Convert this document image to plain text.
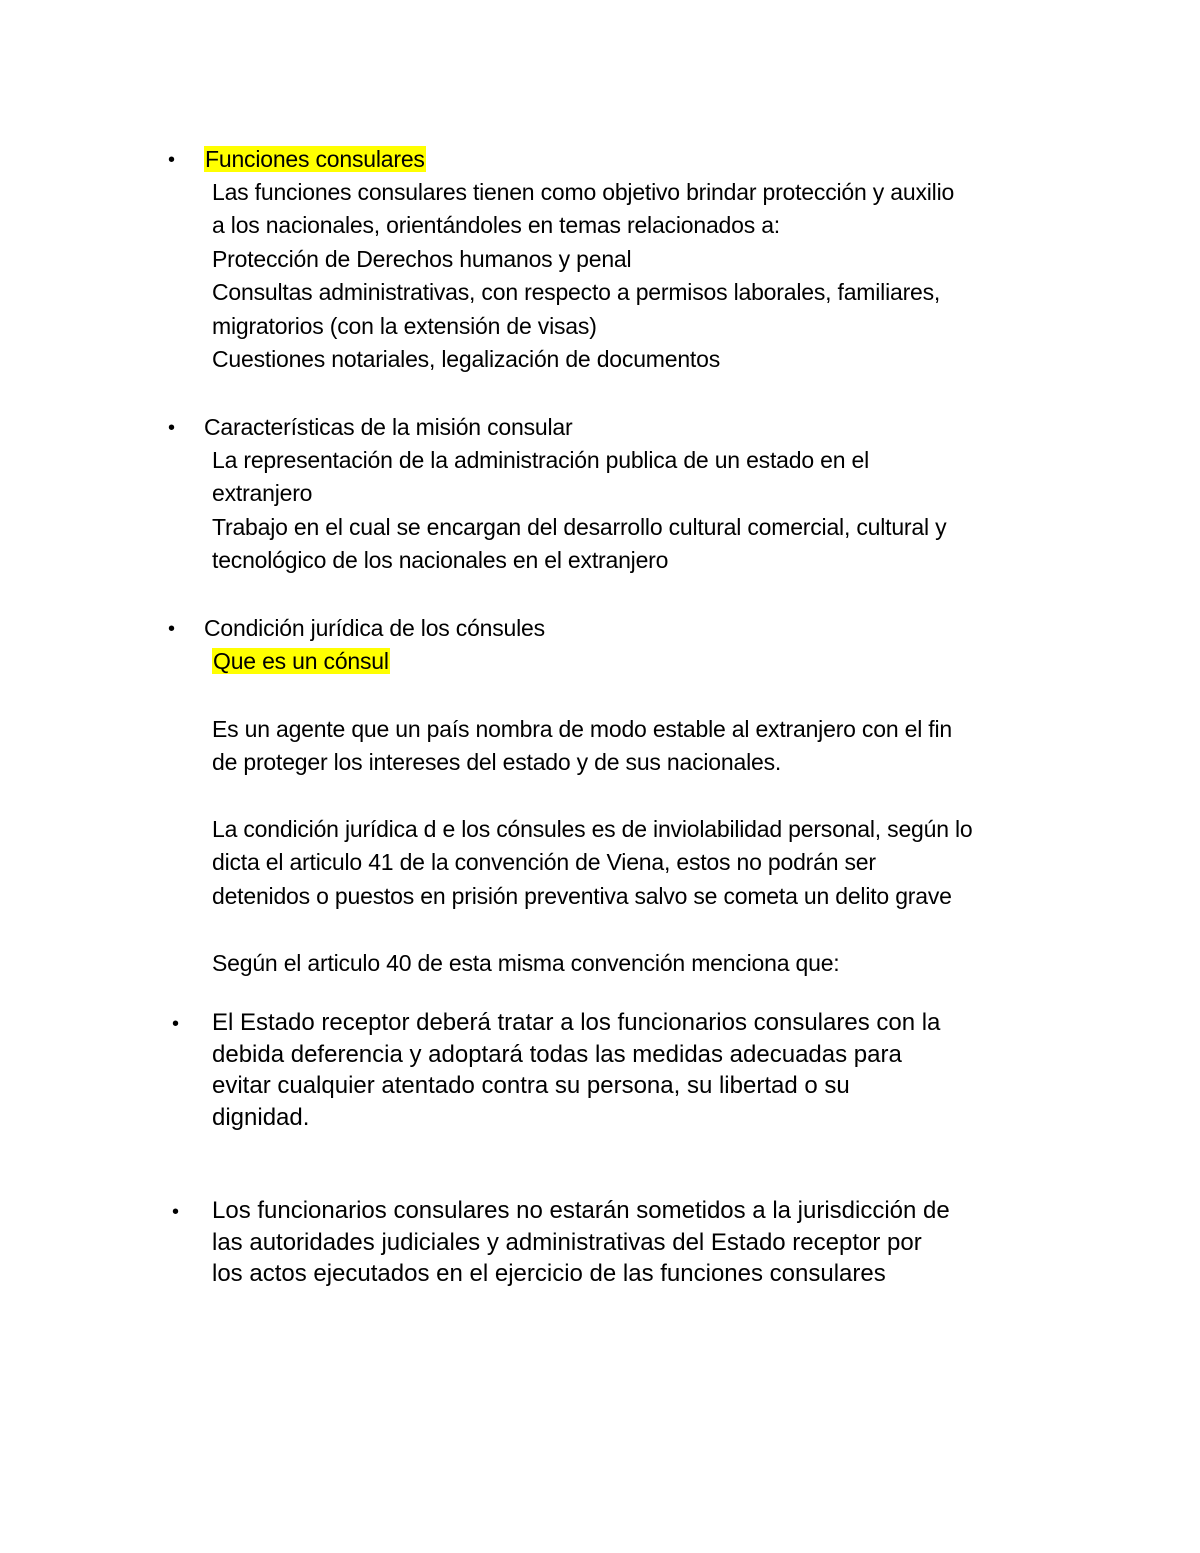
• Funciones consulares
Las funciones consulares tienen como objetivo brindar protección y auxilio
a los nacionales, orientándoles en temas relacionados a:
Protección de Derechos humanos y penal
Consultas administrativas, con respecto a permisos laborales, familiares,
migratorios (con la extensión de visas)
Cuestiones notariales, legalización de documentos
• Características de la misión consular
La representación de la administración publica de un estado en el
extranjero
Trabajo en el cual se encargan del desarrollo cultural comercial, cultural y
tecnológico de los nacionales en el extranjero
• Condición jurídica de los cónsules
Que es un cónsul
Es un agente que un país nombra de modo estable al extranjero con el fin
de proteger los intereses del estado y de sus nacionales.
La condición jurídica d e los cónsules es de inviolabilidad personal, según lo
dicta el articulo 41 de la convención de Viena, estos no podrán ser
detenidos o puestos en prisión preventiva salvo se cometa un delito grave
Según el articulo 40 de esta misma convención menciona que:
• El Estado receptor deberá tratar a los funcionarios consulares con la
debida deferencia y adoptará todas las medidas adecuadas para
evitar cualquier atentado contra su persona, su libertad o su
dignidad.
• Los funcionarios consulares no estarán sometidos a la jurisdicción de
las autoridades judiciales y administrativas del Estado receptor por
los actos ejecutados en el ejercicio de las funciones consulares
